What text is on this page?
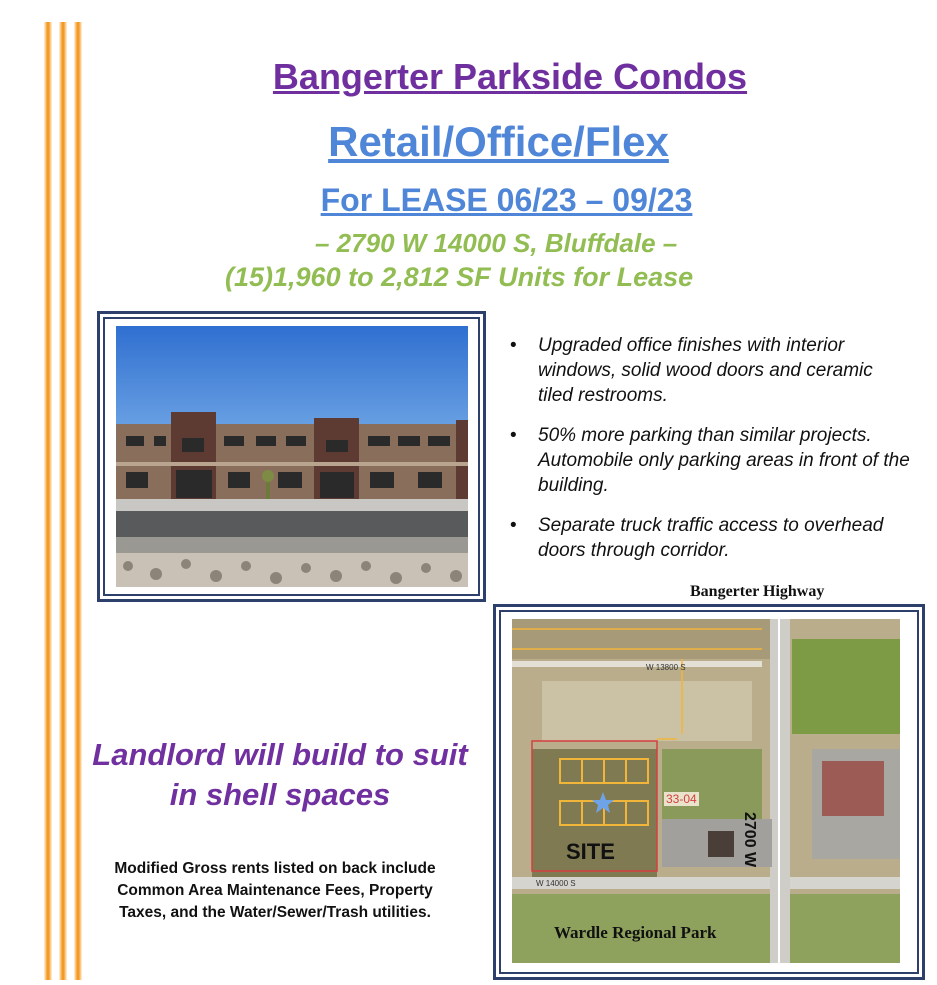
Bangerter Parkside Condos
Retail/Office/Flex
For LEASE 06/23 – 09/23
– 2790 W 14000 S, Bluffdale –
(15)1,960 to 2,812 SF Units for Lease
• Upgraded office finishes with interior windows, solid wood doors and ceramic tiled restrooms.
• 50% more parking than similar projects. Automobile only parking areas in front of the building.
• Separate truck traffic access to overhead doors through corridor.
Bangerter Highway
W 13800 S
W 14000 S
2700 W
33-04
SITE
Wardle Regional Park
Landlord will build to suit in shell spaces
Modified Gross rents listed on back include Common Area Maintenance Fees, Property Taxes, and the Water/Sewer/Trash utilities.
